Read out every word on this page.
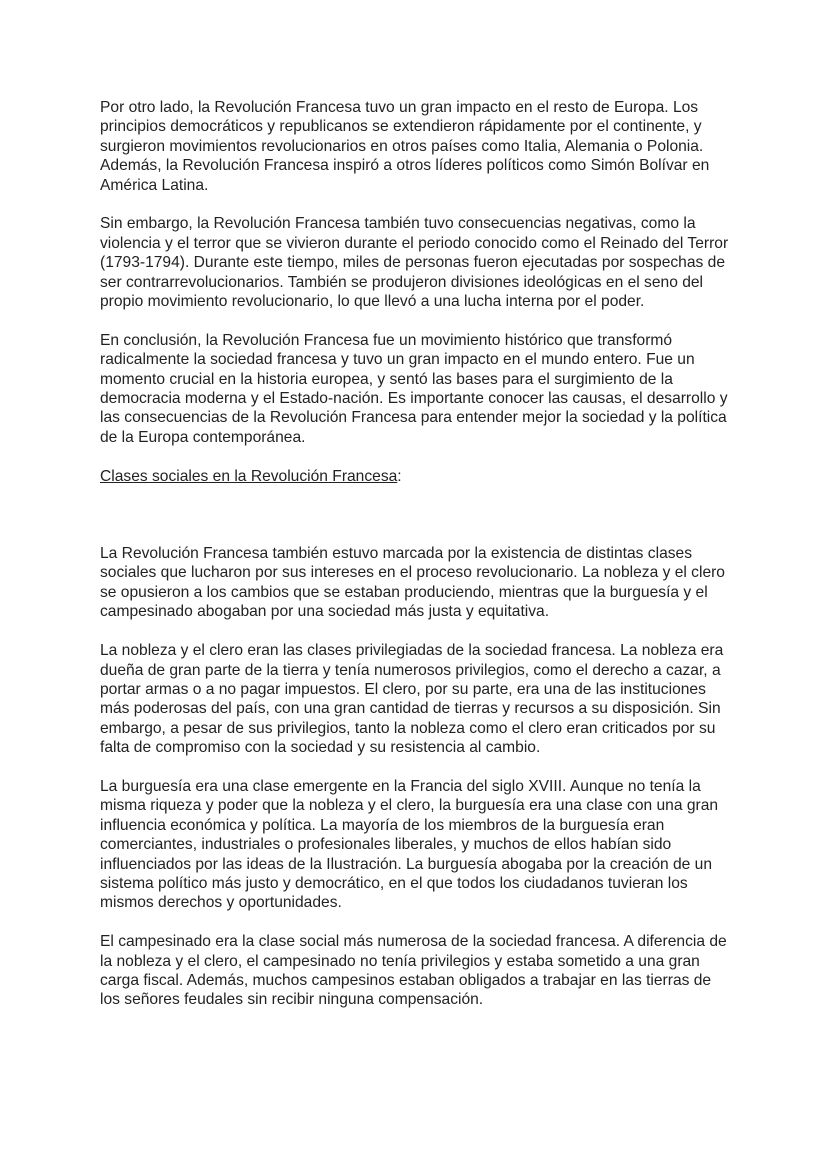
Por otro lado, la Revolución Francesa tuvo un gran impacto en el resto de Europa. Los principios democráticos y republicanos se extendieron rápidamente por el continente, y surgieron movimientos revolucionarios en otros países como Italia, Alemania o Polonia. Además, la Revolución Francesa inspiró a otros líderes políticos como Simón Bolívar en América Latina.

Sin embargo, la Revolución Francesa también tuvo consecuencias negativas, como la violencia y el terror que se vivieron durante el periodo conocido como el Reinado del Terror (1793-1794). Durante este tiempo, miles de personas fueron ejecutadas por sospechas de ser contrarrevolucionarios. También se produjeron divisiones ideológicas en el seno del propio movimiento revolucionario, lo que llevó a una lucha interna por el poder.

En conclusión, la Revolución Francesa fue un movimiento histórico que transformó radicalmente la sociedad francesa y tuvo un gran impacto en el mundo entero. Fue un momento crucial en la historia europea, y sentó las bases para el surgimiento de la democracia moderna y el Estado-nación. Es importante conocer las causas, el desarrollo y las consecuencias de la Revolución Francesa para entender mejor la sociedad y la política de la Europa contemporánea.

Clases sociales en la Revolución Francesa:

La Revolución Francesa también estuvo marcada por la existencia de distintas clases sociales que lucharon por sus intereses en el proceso revolucionario. La nobleza y el clero se opusieron a los cambios que se estaban produciendo, mientras que la burguesía y el campesinado abogaban por una sociedad más justa y equitativa.

La nobleza y el clero eran las clases privilegiadas de la sociedad francesa. La nobleza era dueña de gran parte de la tierra y tenía numerosos privilegios, como el derecho a cazar, a portar armas o a no pagar impuestos. El clero, por su parte, era una de las instituciones más poderosas del país, con una gran cantidad de tierras y recursos a su disposición. Sin embargo, a pesar de sus privilegios, tanto la nobleza como el clero eran criticados por su falta de compromiso con la sociedad y su resistencia al cambio.

La burguesía era una clase emergente en la Francia del siglo XVIII. Aunque no tenía la misma riqueza y poder que la nobleza y el clero, la burguesía era una clase con una gran influencia económica y política. La mayoría de los miembros de la burguesía eran comerciantes, industriales o profesionales liberales, y muchos de ellos habían sido influenciados por las ideas de la Ilustración. La burguesía abogaba por la creación de un sistema político más justo y democrático, en el que todos los ciudadanos tuvieran los mismos derechos y oportunidades.

El campesinado era la clase social más numerosa de la sociedad francesa. A diferencia de la nobleza y el clero, el campesinado no tenía privilegios y estaba sometido a una gran carga fiscal. Además, muchos campesinos estaban obligados a trabajar en las tierras de los señores feudales sin recibir ninguna compensación.
